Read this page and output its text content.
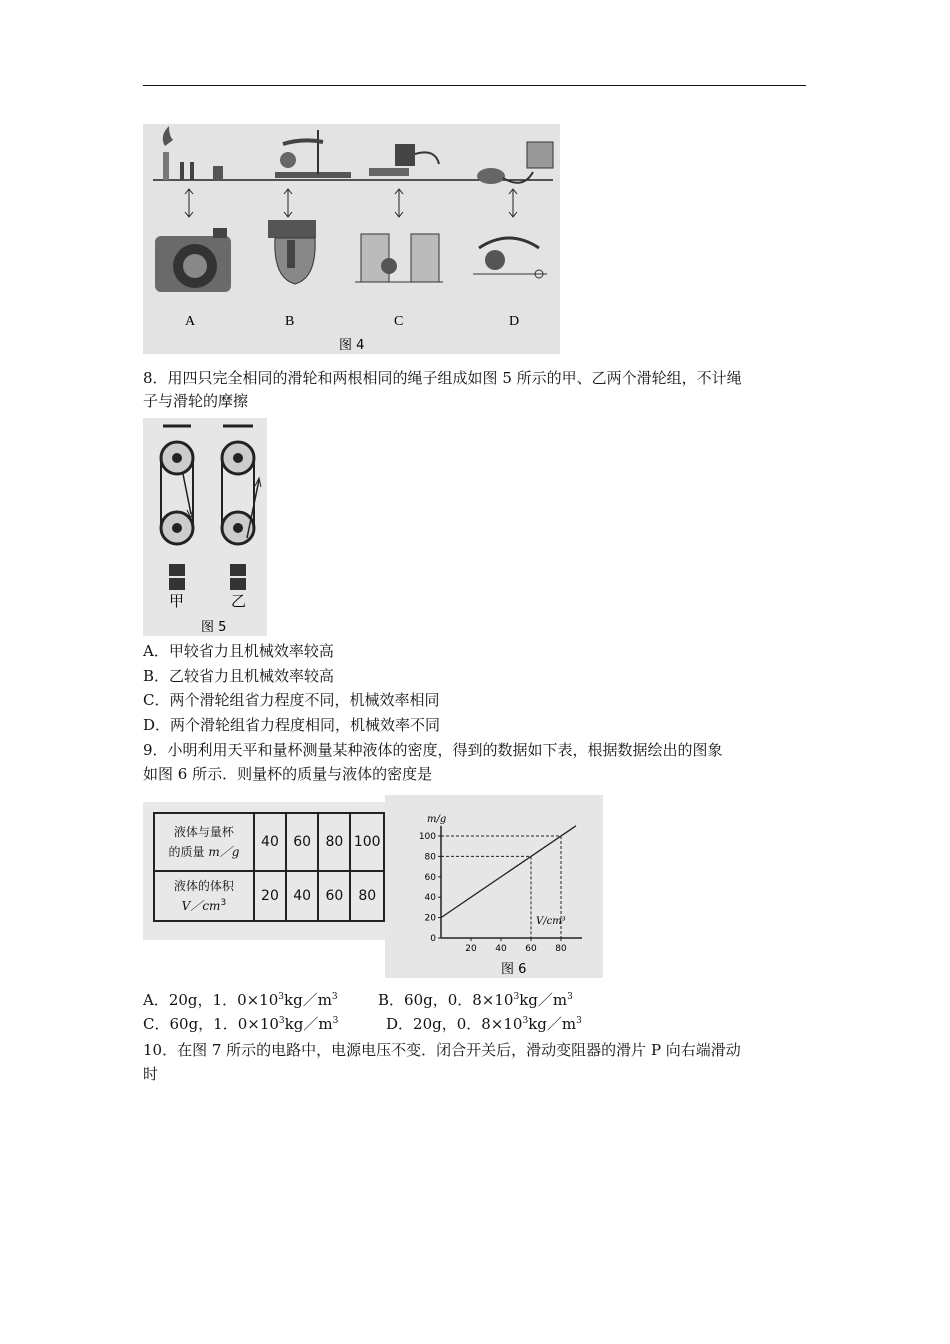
A	B	C	D
图 4
8．用四只完全相同的滑轮和两根相同的绳子组成如图 5 所示的甲、乙两个滑轮组，不计绳
子与滑轮的摩擦
甲	乙
图 5
A．甲较省力且机械效率较高
B．乙较省力且机械效率较高
C．两个滑轮组省力程度不同，机械效率相同
D．两个滑轮组省力程度相同，机械效率不同
9．小明利用天平和量杯测量某种液体的密度，得到的数据如下表，根据数据绘出的图象
如图 6 所示．则量杯的质量与液体的密度是
液体与量杯
的质量 m／g	40	60	80	100

液体的体积
$V/cm^3$	20	40	60	80
0
20
40
60
80
100
20 40 60 80
m/g
V/cm³
图 6
A．20g，1．$0\times 10^3kg/m^3$	B．60g，0．$8\times 10^3kg/m^3$
C．60g，1．$0\times 10^3kg/m^3$	D．20g，0．$8\times 10^3kg/m^3$
10．在图 7 所示的电路中，电源电压不变．闭合开关后，滑动变阻器的滑片 P 向右端滑动
时
